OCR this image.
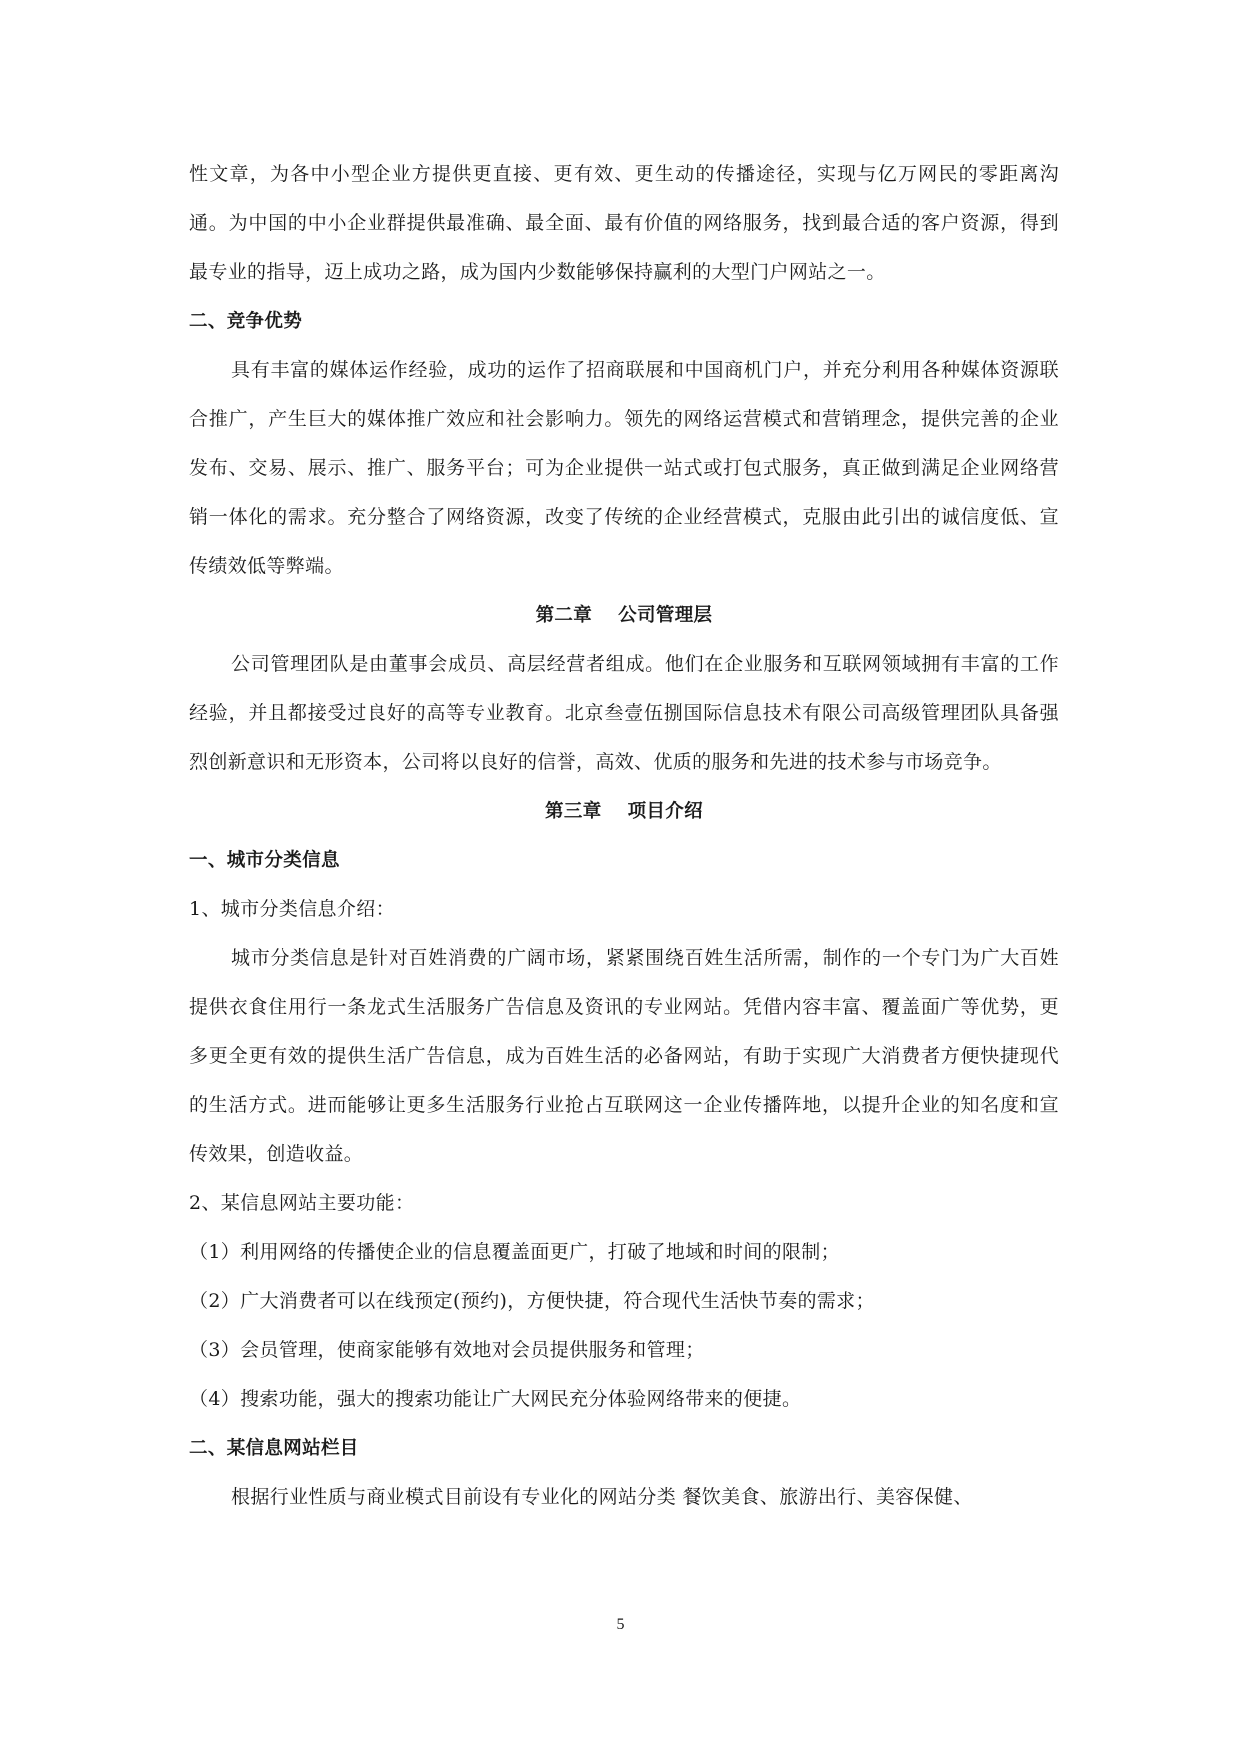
性文章，为各中小型企业方提供更直接、更有效、更生动的传播途径，实现与亿万网民的零距离沟通。为中国的中小企业群提供最准确、最全面、最有价值的网络服务，找到最合适的客户资源，得到最专业的指导，迈上成功之路，成为国内少数能够保持赢利的大型门户网站之一。

二、竞争优势

具有丰富的媒体运作经验，成功的运作了招商联展和中国商机门户，并充分利用各种媒体资源联合推广，产生巨大的媒体推广效应和社会影响力。领先的网络运营模式和营销理念，提供完善的企业发布、交易、展示、推广、服务平台；可为企业提供一站式或打包式服务，真正做到满足企业网络营销一体化的需求。充分整合了网络资源，改变了传统的企业经营模式，克服由此引出的诚信度低、宣传绩效低等弊端。

第二章 公司管理层

公司管理团队是由董事会成员、高层经营者组成。他们在企业服务和互联网领域拥有丰富的工作经验，并且都接受过良好的高等专业教育。北京叁壹伍捌国际信息技术有限公司高级管理团队具备强烈创新意识和无形资本，公司将以良好的信誉，高效、优质的服务和先进的技术参与市场竞争。

第三章 项目介绍

一、城市分类信息

1、城市分类信息介绍：

城市分类信息是针对百姓消费的广阔市场，紧紧围绕百姓生活所需，制作的一个专门为广大百姓提供衣食住用行一条龙式生活服务广告信息及资讯的专业网站。凭借内容丰富、覆盖面广等优势，更多更全更有效的提供生活广告信息，成为百姓生活的必备网站，有助于实现广大消费者方便快捷现代的生活方式。进而能够让更多生活服务行业抢占互联网这一企业传播阵地，以提升企业的知名度和宣传效果，创造收益。

2、某信息网站主要功能：

（1）利用网络的传播使企业的信息覆盖面更广，打破了地域和时间的限制；

（2）广大消费者可以在线预定(预约)，方便快捷，符合现代生活快节奏的需求；

（3）会员管理，使商家能够有效地对会员提供服务和管理；

（4）搜索功能，强大的搜索功能让广大网民充分体验网络带来的便捷。

二、某信息网站栏目

根据行业性质与商业模式目前设有专业化的网站分类 餐饮美食、旅游出行、美容保健、

5
